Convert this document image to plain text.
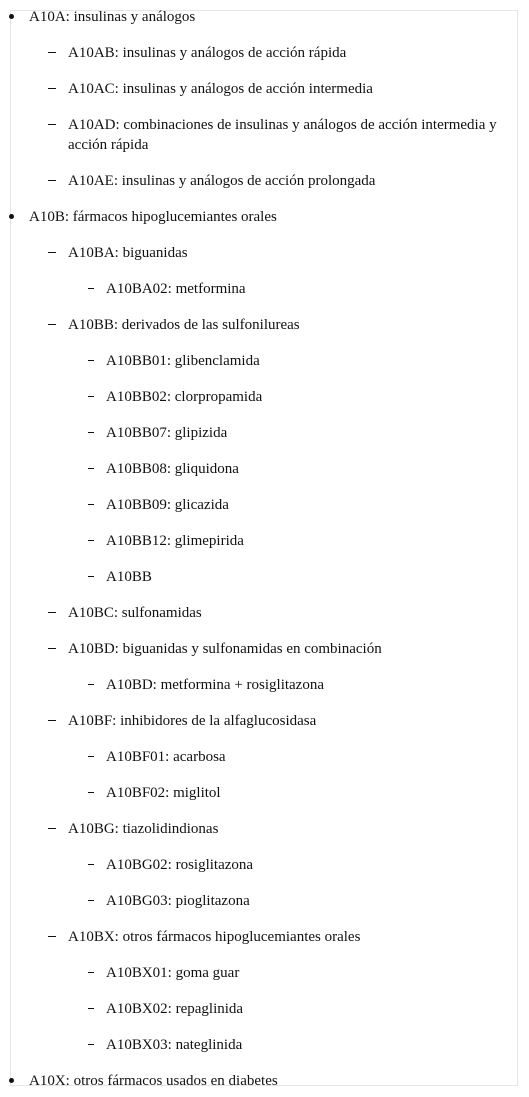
A10A: insulinas y análogos
A10AB: insulinas y análogos de acción rápida
A10AC: insulinas y análogos de acción intermedia
A10AD: combinaciones de insulinas y análogos de acción intermedia y acción rápida
A10AE: insulinas y análogos de acción prolongada
A10B: fármacos hipoglucemiantes orales
A10BA: biguanidas
A10BA02: metformina
A10BB: derivados de las sulfonilureas
A10BB01: glibenclamida
A10BB02: clorpropamida
A10BB07: glipizida
A10BB08: gliquidona
A10BB09: glicazida
A10BB12: glimepirida
A10BB
A10BC: sulfonamidas
A10BD: biguanidas y sulfonamidas en combinación
A10BD: metformina + rosiglitazona
A10BF: inhibidores de la alfaglucosidasa
A10BF01: acarbosa
A10BF02: miglitol
A10BG: tiazolidindionas
A10BG02: rosiglitazona
A10BG03: pioglitazona
A10BX: otros fármacos hipoglucemiantes orales
A10BX01: goma guar
A10BX02: repaglinida
A10BX03: nateglinida
A10X: otros fármacos usados en diabetes
